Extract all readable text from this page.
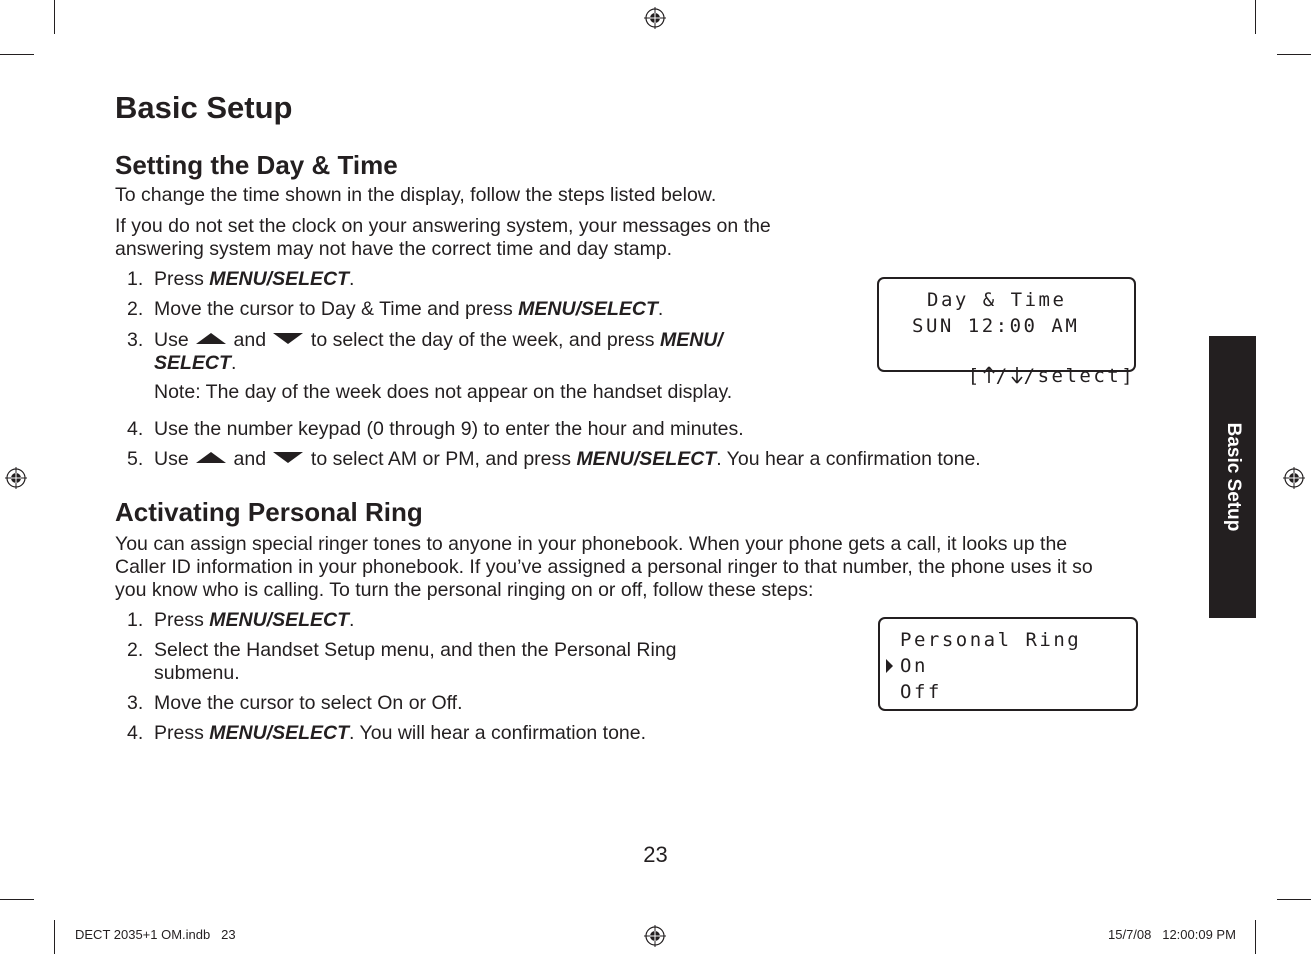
Basic Setup
Setting the Day & Time

To change the time shown in the display, follow the steps listed below.

If you do not set the clock on your answering system, your messages on the

answering system may not have the correct time and day stamp.

1. Press MENU/SELECT.
2. Move the cursor to Day & Time and press MENU/SELECT.
3. Use  and  to select the day of the week, and press MENU/
SELECT.
Note: The day of the week does not appear on the handset display.
4. Use the number keypad (0 through 9) to enter the hour and minutes.
5. Use  and  to select AM or PM, and press MENU/SELECT. You hear a confirmation tone.
Day & Time
SUN 12:00 AM

[ / /select]

Activating Personal Ring

You can assign special ringer tones to anyone in your phonebook. When your phone gets a call, it looks up the

Caller ID information in your phonebook. If you’ve assigned a personal ringer to that number, the phone uses it so

you know who is calling. To turn the personal ringing on or off, follow these steps:

1. Press MENU/SELECT.
2. Select the Handset Setup menu, and then the Personal Ring
submenu.
3. Move the cursor to select On or Off.
4. Press MENU/SELECT. You will hear a confirmation tone.
Personal Ring
On
Off
Basic Setup
23
DECT 2035+1 OM.indb   23	15/7/08   12:00:09 PM
